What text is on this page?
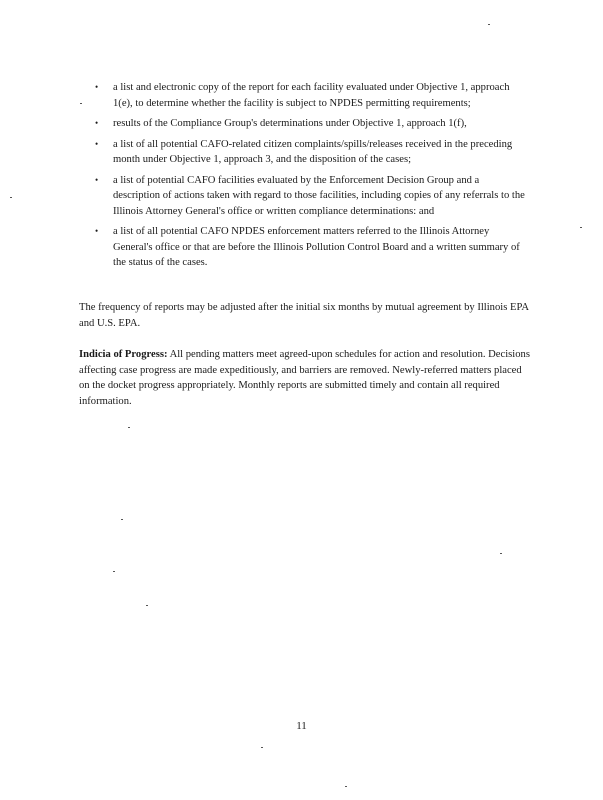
• a list and electronic copy of the report for each facility evaluated under Objective 1, approach 1(e), to determine whether the facility is subject to NPDES permitting requirements;
• results of the Compliance Group's determinations under Objective 1, approach 1(f),
• a list of all potential CAFO-related citizen complaints/spills/releases received in the preceding month under Objective 1, approach 3, and the disposition of the cases;
• a list of potential CAFO facilities evaluated by the Enforcement Decision Group and a description of actions taken with regard to those facilities, including copies of any referrals to the Illinois Attorney General's office or written compliance determinations: and
• a list of all potential CAFO NPDES enforcement matters referred to the Illinois Attorney General's office or that are before the Illinois Pollution Control Board and a written summary of the status of the cases.

The frequency of reports may be adjusted after the initial six months by mutual agreement by Illinois EPA and U.S. EPA.

Indicia of Progress: All pending matters meet agreed-upon schedules for action and resolution. Decisions affecting case progress are made expeditiously, and barriers are removed. Newly-referred matters placed on the docket progress appropriately. Monthly reports are submitted timely and contain all required information.

11
